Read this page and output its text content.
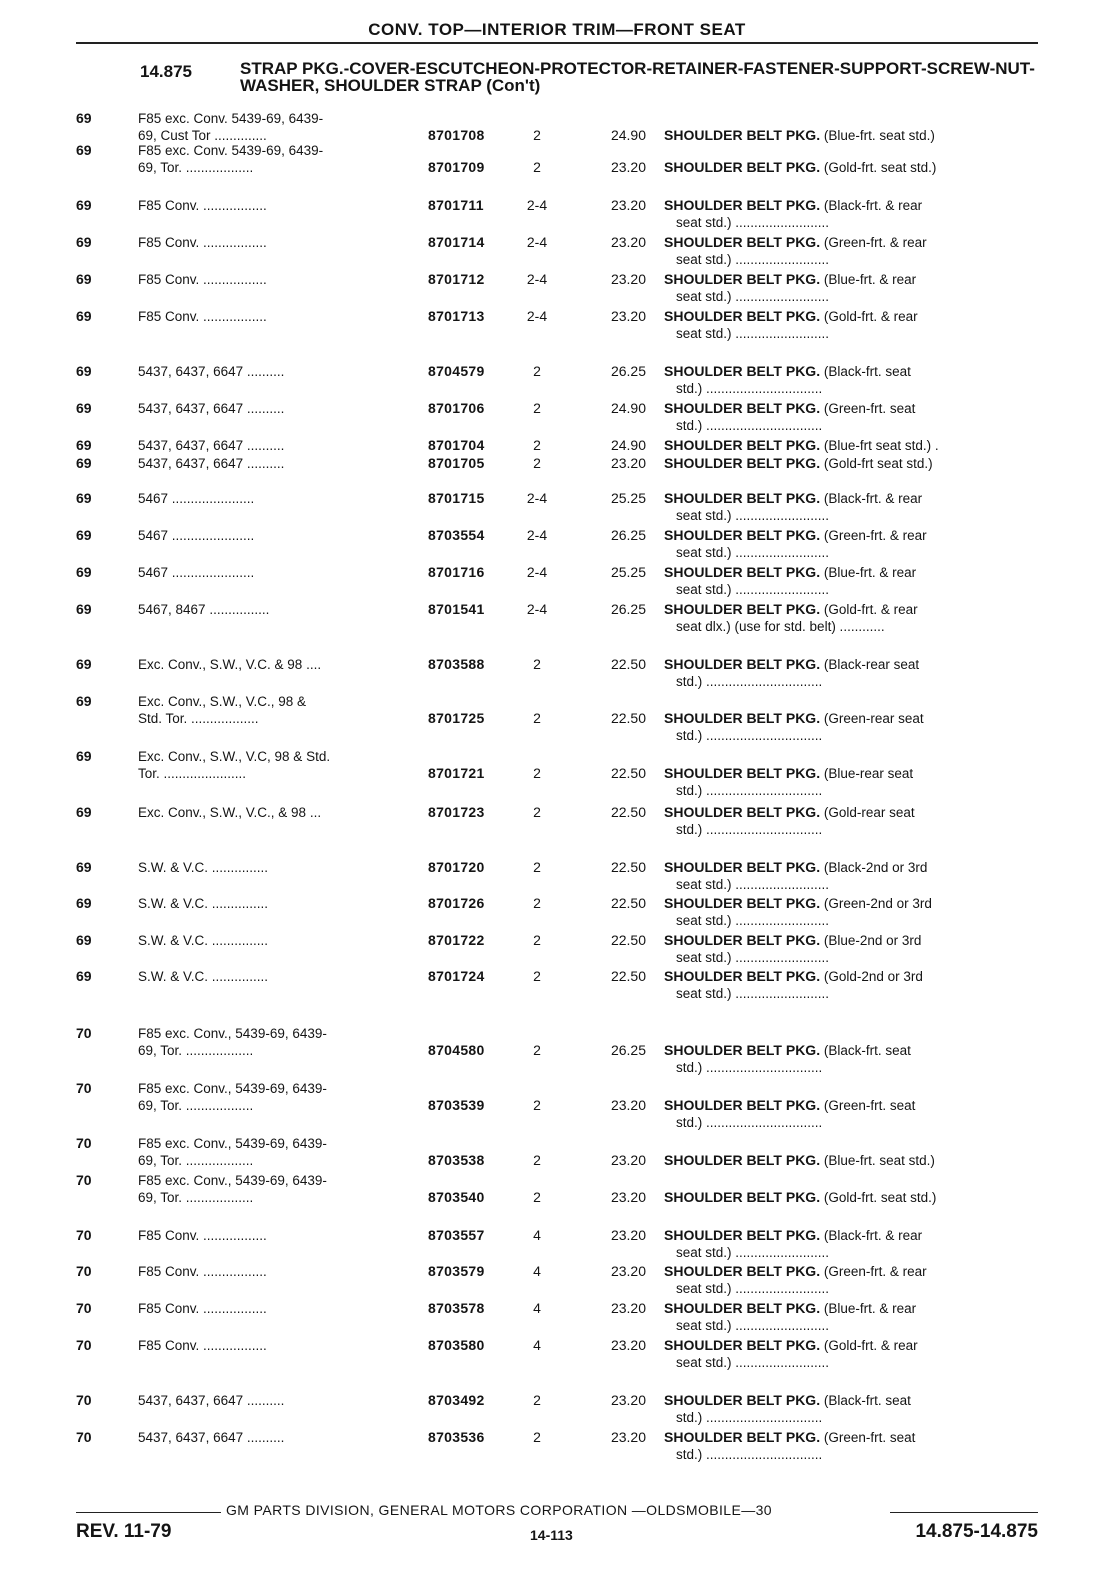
CONV. TOP—INTERIOR TRIM—FRONT SEAT
14.875	STRAP PKG.-COVER-ESCUTCHEON-PROTECTOR-RETAINER-FASTENER-SUPPORT-SCREW-NUT-WASHER, SHOULDER STRAP (Con't)
69	F85 exc. Conv. 5439-69, 6439-
69, Cust Tor ..............	8701708	2	24.90 SHOULDER BELT PKG. (Blue-frt. seat std.)
69	F85 exc. Conv. 5439-69, 6439-
69, Tor. ..................	8701709	2	23.20 SHOULDER BELT PKG. (Gold-frt. seat std.)
69	F85 Conv. .................	8701711	2-4	23.20 SHOULDER BELT PKG. (Black-frt. & rear
seat std.) .........................
69	F85 Conv. .................	8701714	2-4	23.20 SHOULDER BELT PKG. (Green-frt. & rear
seat std.) .........................
69	F85 Conv. .................	8701712	2-4	23.20 SHOULDER BELT PKG. (Blue-frt. & rear
seat std.) .........................
69	F85 Conv. .................	8701713	2-4	23.20 SHOULDER BELT PKG. (Gold-frt. & rear
seat std.) .........................
69	5437, 6437, 6647 ..........	8704579	2	26.25 SHOULDER BELT PKG. (Black-frt. seat
std.) ...............................
69	5437, 6437, 6647 ..........	8701706	2	24.90 SHOULDER BELT PKG. (Green-frt. seat
std.) ...............................
69	5437, 6437, 6647 ..........	8701704	2	24.90 SHOULDER BELT PKG. (Blue-frt seat std.) .
69	5437, 6437, 6647 ..........	8701705	2	23.20 SHOULDER BELT PKG. (Gold-frt seat std.)
69	5467 ......................	8701715	2-4	25.25 SHOULDER BELT PKG. (Black-frt. & rear
seat std.) .........................
69	5467 ......................	8703554	2-4	26.25 SHOULDER BELT PKG. (Green-frt. & rear
seat std.) .........................
69	5467 ......................	8701716	2-4	25.25 SHOULDER BELT PKG. (Blue-frt. & rear
seat std.) .........................
69	5467, 8467 ................	8701541	2-4	26.25 SHOULDER BELT PKG. (Gold-frt. & rear
seat dlx.) (use for std. belt) ............
69	Exc. Conv., S.W., V.C. & 98 ....	8703588	2	22.50 SHOULDER BELT PKG. (Black-rear seat
std.) ...............................
69	Exc. Conv., S.W., V.C., 98 &
Std. Tor. ..................	8701725	2	22.50 SHOULDER BELT PKG. (Green-rear seat
std.) ...............................
69	Exc. Conv., S.W., V.C, 98 & Std.
Tor. ......................	8701721	2	22.50 SHOULDER BELT PKG. (Blue-rear seat
std.) ...............................
69	Exc. Conv., S.W., V.C., & 98 ...	8701723	2	22.50 SHOULDER BELT PKG. (Gold-rear seat
std.) ...............................
69	S.W. & V.C. ...............	8701720	2	22.50 SHOULDER BELT PKG. (Black-2nd or 3rd
seat std.) .........................
69	S.W. & V.C. ...............	8701726	2	22.50 SHOULDER BELT PKG. (Green-2nd or 3rd
seat std.) .........................
69	S.W. & V.C. ...............	8701722	2	22.50 SHOULDER BELT PKG. (Blue-2nd or 3rd
seat std.) .........................
69	S.W. & V.C. ...............	8701724	2	22.50 SHOULDER BELT PKG. (Gold-2nd or 3rd
seat std.) .........................
70	F85 exc. Conv., 5439-69, 6439-
69, Tor. ..................	8704580	2	26.25 SHOULDER BELT PKG. (Black-frt. seat
std.) ...............................
70	F85 exc. Conv., 5439-69, 6439-
69, Tor. ..................	8703539	2	23.20 SHOULDER BELT PKG. (Green-frt. seat
std.) ...............................
70	F85 exc. Conv., 5439-69, 6439-
69, Tor. ..................	8703538	2	23.20 SHOULDER BELT PKG. (Blue-frt. seat std.)
70	F85 exc. Conv., 5439-69, 6439-
69, Tor. ..................	8703540	2	23.20 SHOULDER BELT PKG. (Gold-frt. seat std.)
70	F85 Conv. .................	8703557	4	23.20 SHOULDER BELT PKG. (Black-frt. & rear
seat std.) .........................
70	F85 Conv. .................	8703579	4	23.20 SHOULDER BELT PKG. (Green-frt. & rear
seat std.) .........................
70	F85 Conv. .................	8703578	4	23.20 SHOULDER BELT PKG. (Blue-frt. & rear
seat std.) .........................
70	F85 Conv. .................	8703580	4	23.20 SHOULDER BELT PKG. (Gold-frt. & rear
seat std.) .........................
70	5437, 6437, 6647 ..........	8703492	2	23.20 SHOULDER BELT PKG. (Black-frt. seat
std.) ...............................
70	5437, 6437, 6647 ..........	8703536	2	23.20 SHOULDER BELT PKG. (Green-frt. seat
std.) ...............................
GM PARTS DIVISION, GENERAL MOTORS CORPORATION —OLDSMOBILE—30
REV. 11-79	14-113	14.875-14.875
